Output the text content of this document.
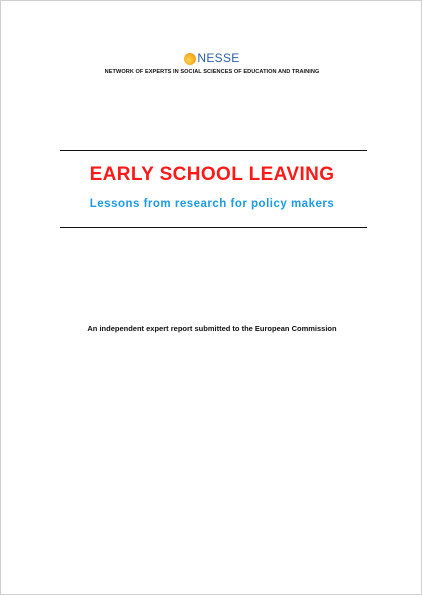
NESSE
NETWORK OF EXPERTS IN SOCIAL SCIENCES OF EDUCATION AND TRAINING
EARLY SCHOOL LEAVING
Lessons from research for policy makers
An independent expert report submitted to the European Commission
